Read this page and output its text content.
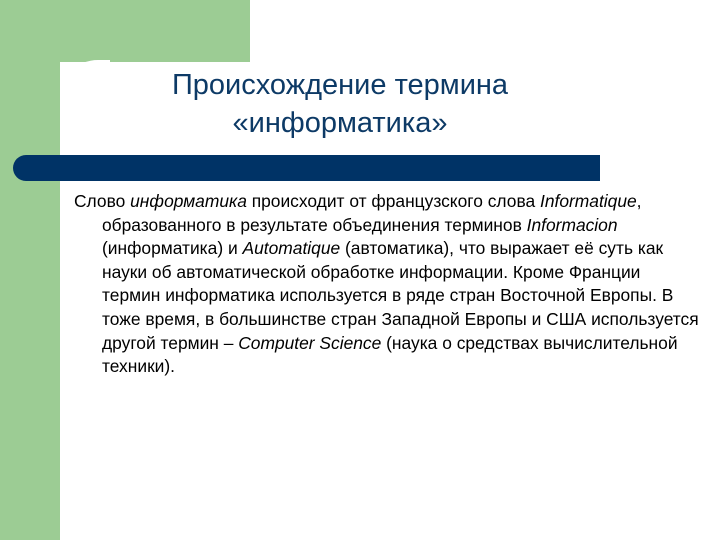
Происхождение термина
«информатика»
Слово информатика происходит от французского слова Informatique, образованного в результате объединения терминов Informacion (информатика) и Automatique (автоматика), что выражает её суть как науки об автоматической обработке информации. Кроме Франции термин информатика используется в ряде стран Восточной Европы. В тоже время, в большинстве стран Западной Европы и США используется другой термин – Computer Science (наука о средствах вычислительной техники).
